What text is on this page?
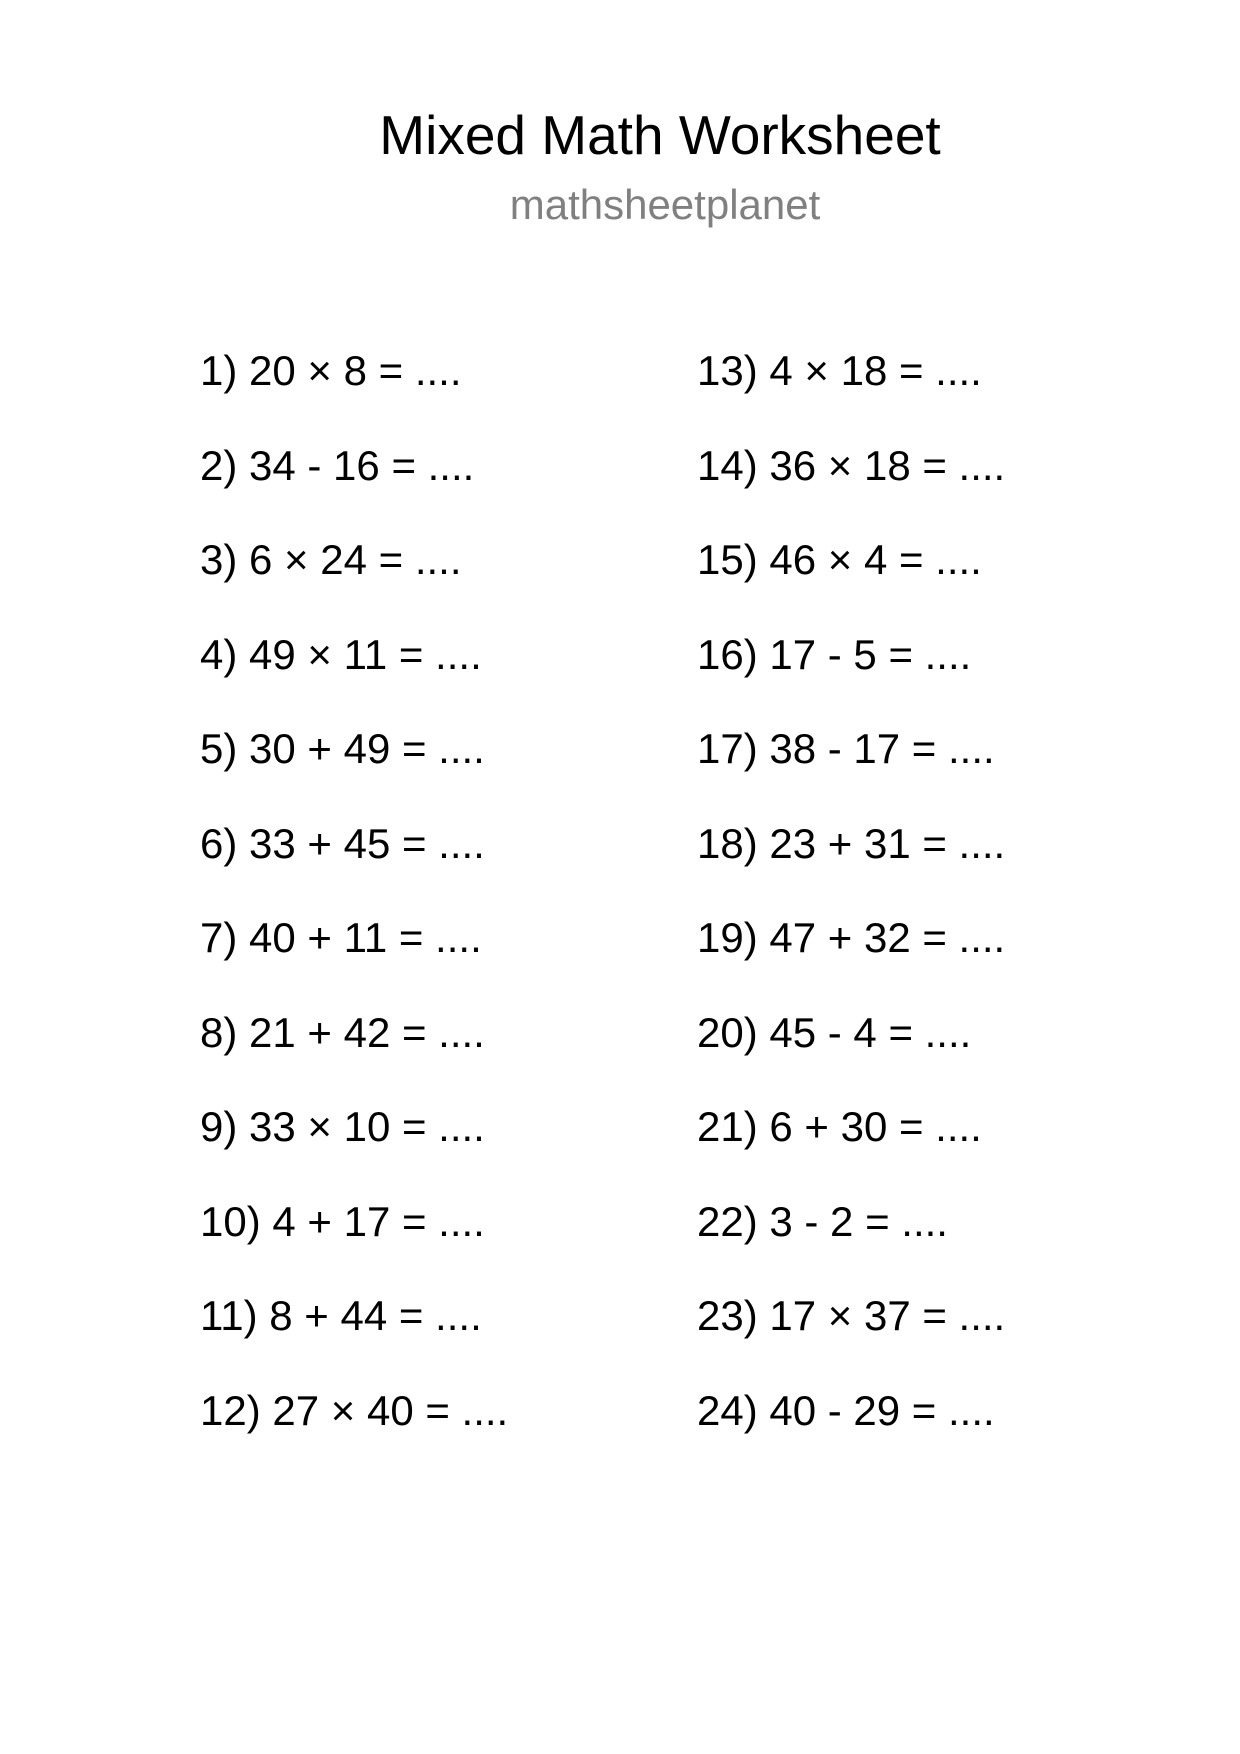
Mixed Math Worksheet
mathsheetplanet
1) 20 × 8 = ....
2) 34 - 16 = ....
3) 6 × 24 = ....
4) 49 × 11 = ....
5) 30 + 49 = ....
6) 33 + 45 = ....
7) 40 + 11 = ....
8) 21 + 42 = ....
9) 33 × 10 = ....
10) 4 + 17 = ....
11) 8 + 44 = ....
12) 27 × 40 = ....
13) 4 × 18 = ....
14) 36 × 18 = ....
15) 46 × 4 = ....
16) 17 - 5 = ....
17) 38 - 17 = ....
18) 23 + 31 = ....
19) 47 + 32 = ....
20) 45 - 4 = ....
21) 6 + 30 = ....
22) 3 - 2 = ....
23) 17 × 37 = ....
24) 40 - 29 = ....
